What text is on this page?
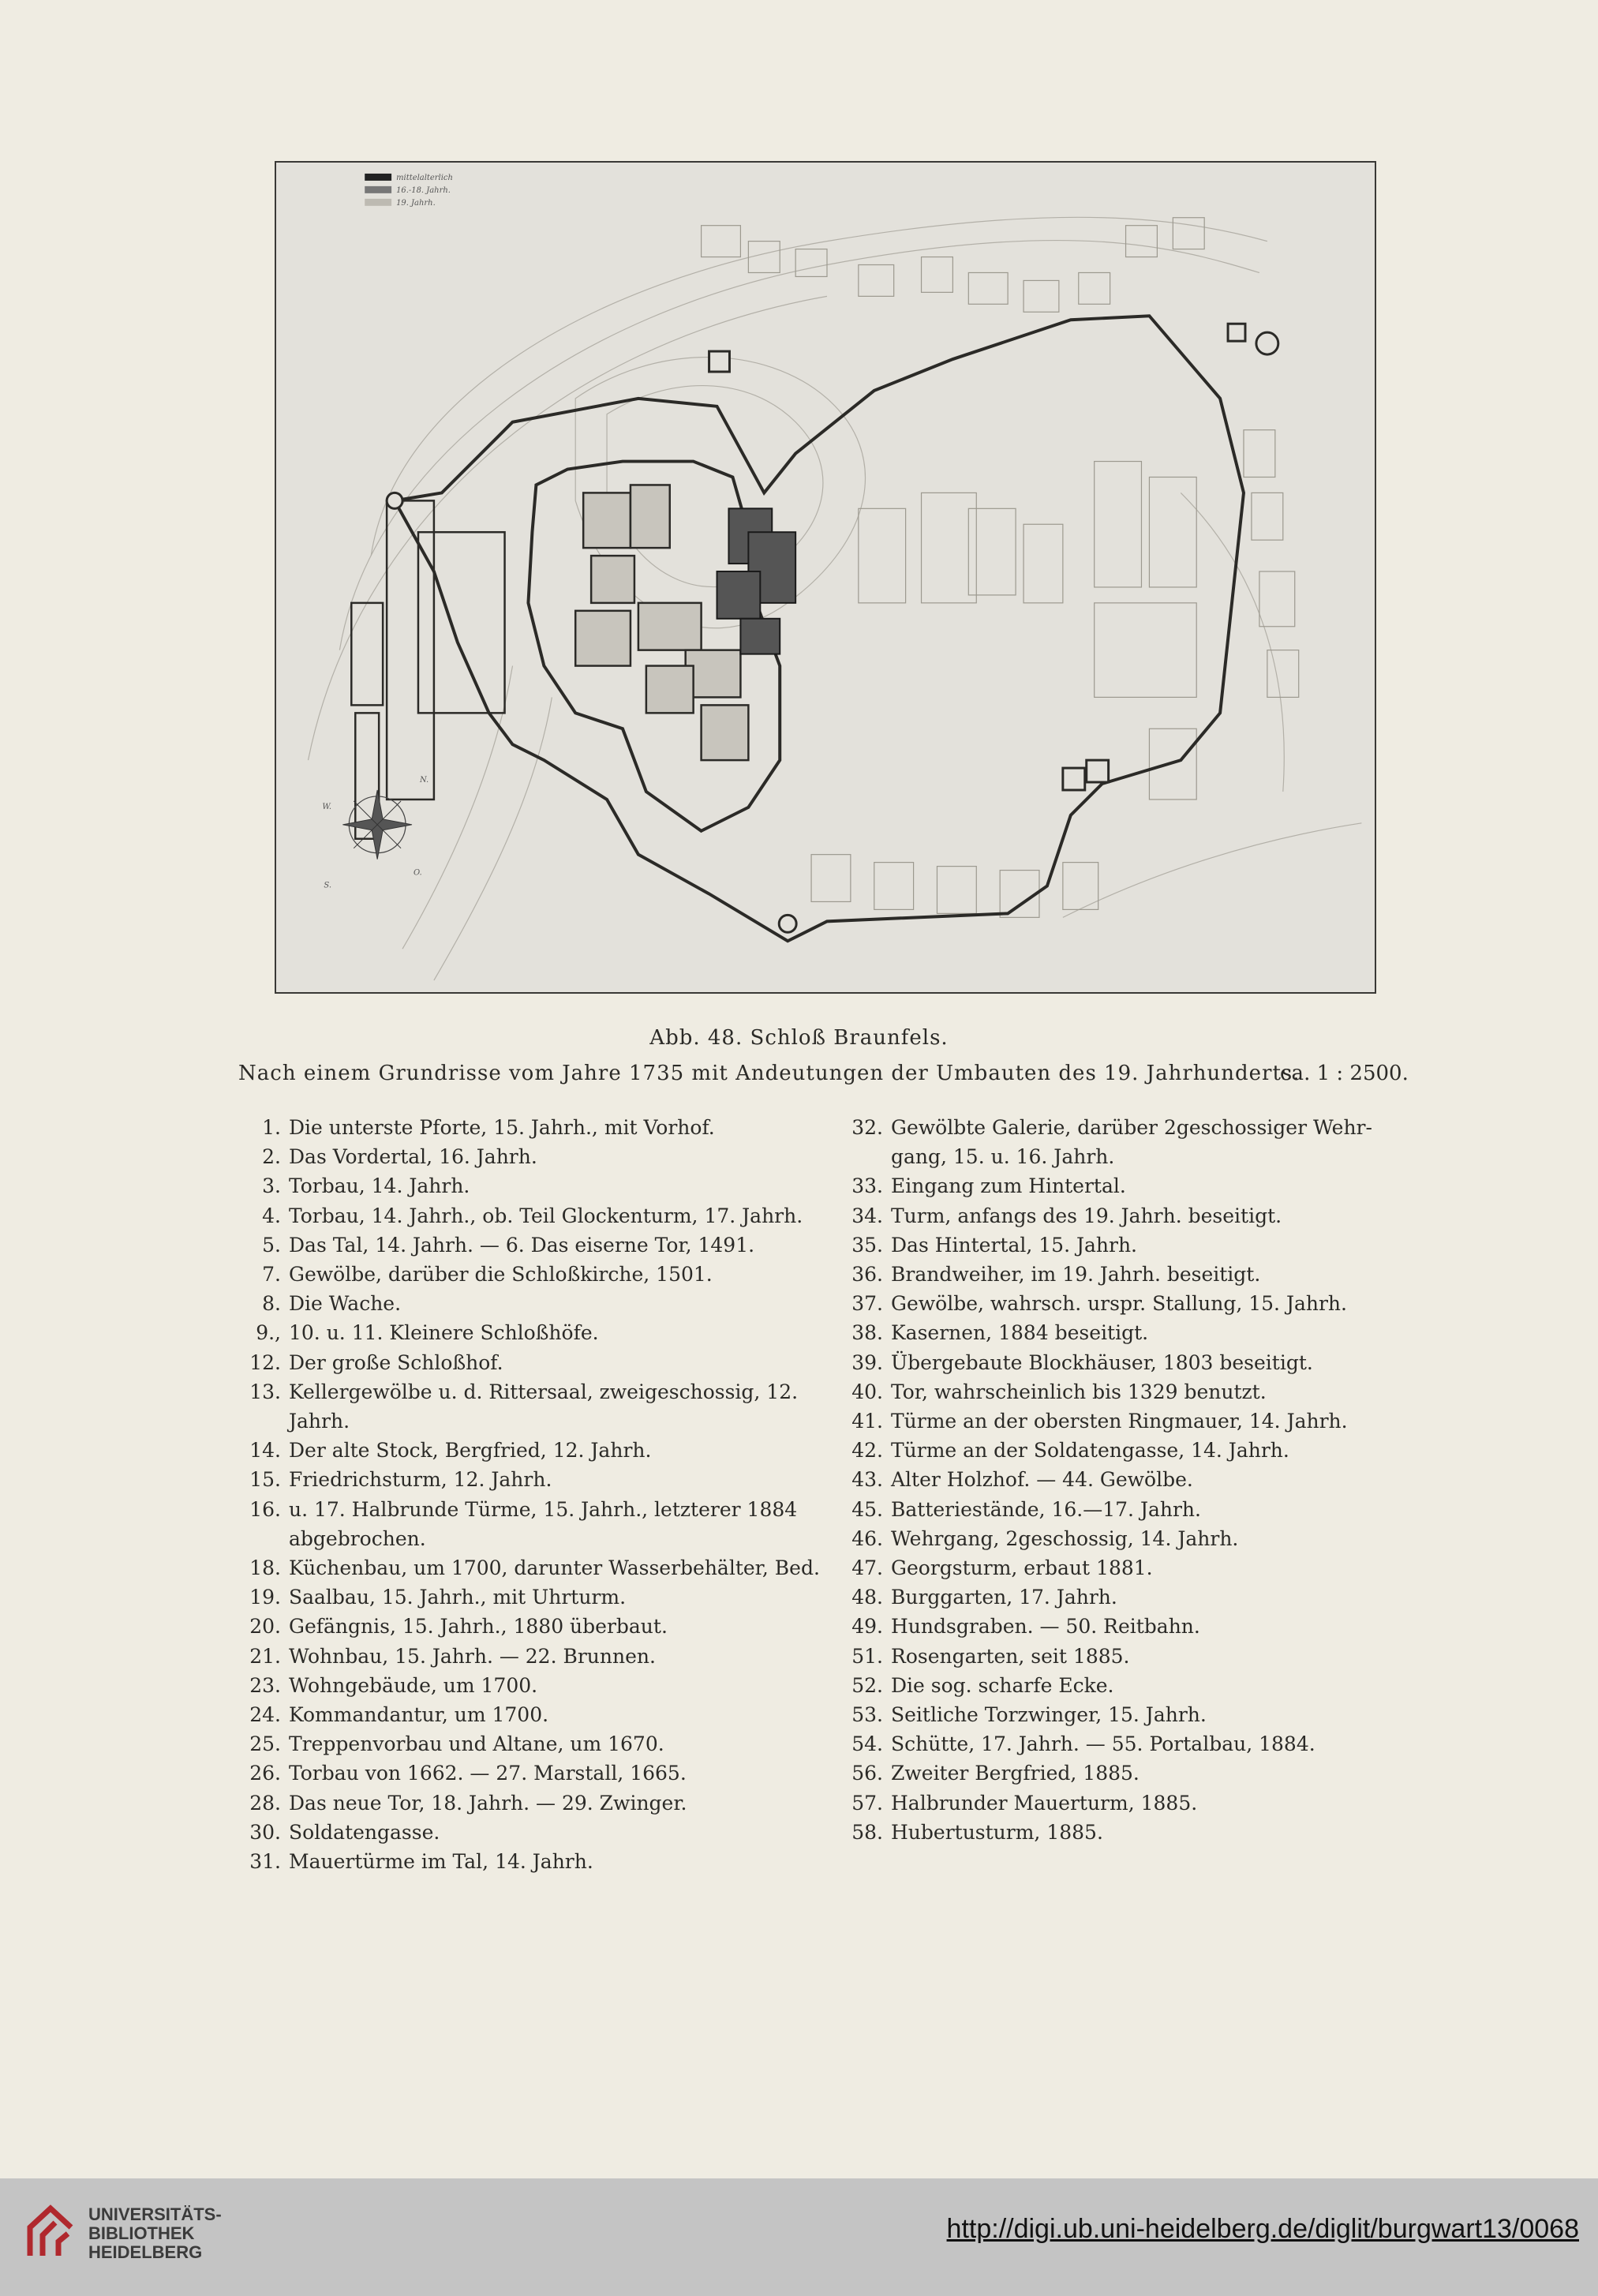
mittelalterlich
16.-18. Jahrh.
19. Jahrh.
N.
O.
S.
W.
Abb. 48. Schloß Braunfels.
Nach einem Grundrisse vom Jahre 1735 mit Andeutungen der Umbauten des 19. Jahrhunderts.
ca. 1 : 2500.
1. Die unterste Pforte, 15. Jahrh., mit Vorhof.
2. Das Vordertal, 16. Jahrh.
3. Torbau, 14. Jahrh.
4. Torbau, 14. Jahrh., ob. Teil Glockenturm, 17. Jahrh.
5. Das Tal, 14. Jahrh. — 6. Das eiserne Tor, 1491.
7. Gewölbe, darüber die Schloßkirche, 1501.
8. Die Wache.
9., 10. u. 11. Kleinere Schloßhöfe.
12. Der große Schloßhof.
13. Kellergewölbe u. d. Rittersaal, zweigeschossig, 12. Jahrh.
14. Der alte Stock, Bergfried, 12. Jahrh.
15. Friedrichsturm, 12. Jahrh.
16. u. 17. Halbrunde Türme, 15. Jahrh., letzterer 1884
abgebrochen.
18. Küchenbau, um 1700, darunter Wasserbehälter, Bed.
19. Saalbau, 15. Jahrh., mit Uhrturm.
20. Gefängnis, 15. Jahrh., 1880 überbaut.
21. Wohnbau, 15. Jahrh. — 22. Brunnen.
23. Wohngebäude, um 1700.
24. Kommandantur, um 1700.
25. Treppenvorbau und Altane, um 1670.
26. Torbau von 1662. — 27. Marstall, 1665.
28. Das neue Tor, 18. Jahrh. — 29. Zwinger.
30. Soldatengasse.
31. Mauertürme im Tal, 14. Jahrh.
32. Gewölbte Galerie, darüber 2geschossiger Wehr-
gang, 15. u. 16. Jahrh.
33. Eingang zum Hintertal.
34. Turm, anfangs des 19. Jahrh. beseitigt.
35. Das Hintertal, 15. Jahrh.
36. Brandweiher, im 19. Jahrh. beseitigt.
37. Gewölbe, wahrsch. urspr. Stallung, 15. Jahrh.
38. Kasernen, 1884 beseitigt.
39. Übergebaute Blockhäuser, 1803 beseitigt.
40. Tor, wahrscheinlich bis 1329 benutzt.
41. Türme an der obersten Ringmauer, 14. Jahrh.
42. Türme an der Soldatengasse, 14. Jahrh.
43. Alter Holzhof. — 44. Gewölbe.
45. Batteriestände, 16.—17. Jahrh.
46. Wehrgang, 2geschossig, 14. Jahrh.
47. Georgsturm, erbaut 1881.
48. Burggarten, 17. Jahrh.
49. Hundsgraben. — 50. Reitbahn.
51. Rosengarten, seit 1885.
52. Die sog. scharfe Ecke.
53. Seitliche Torzwinger, 15. Jahrh.
54. Schütte, 17. Jahrh. — 55. Portalbau, 1884.
56. Zweiter Bergfried, 1885.
57. Halbrunder Mauerturm, 1885.
58. Hubertusturm, 1885.
UNIVERSITÄTS-
BIBLIOTHEK
HEIDELBERG
http://digi.ub.uni-heidelberg.de/diglit/burgwart13/0068
